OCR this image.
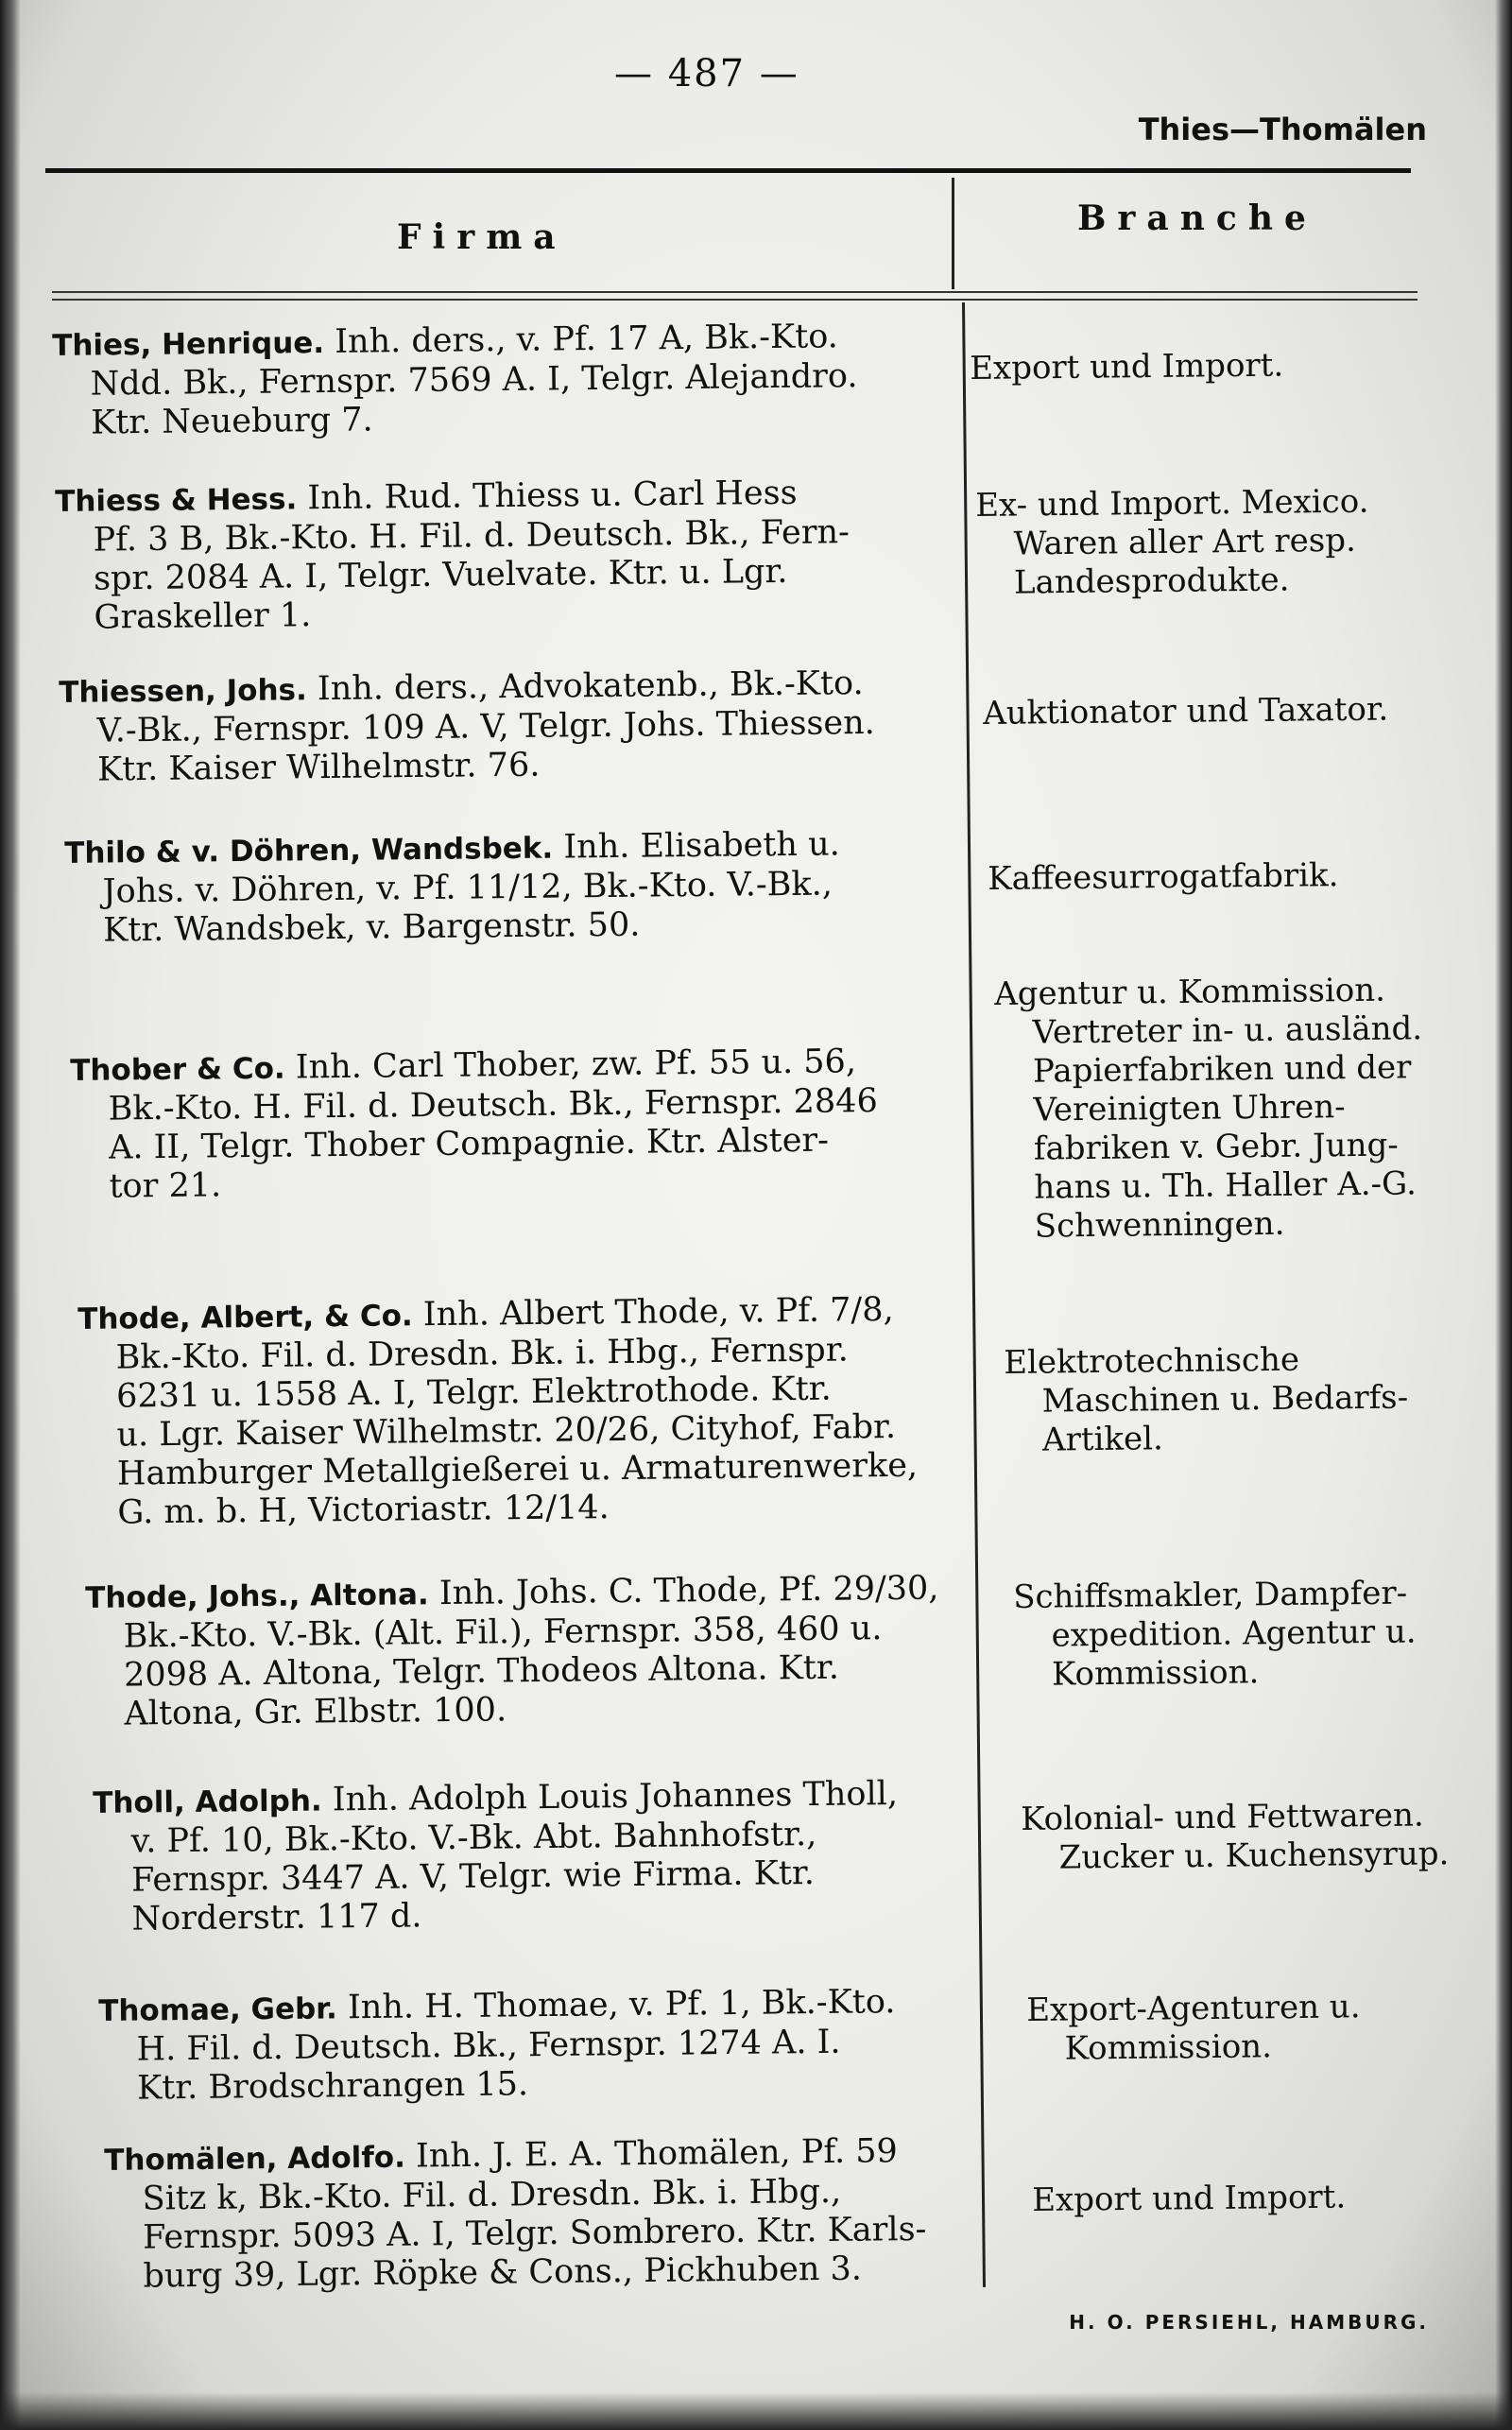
— 487 —
Thies—Thomälen
Firma	Branche
Thies, Henrique. Inh. ders., v. Pf. 17 A, Bk.-Kto.
Ndd. Bk., Fernspr. 7569 A. I, Telgr. Alejandro.
Ktr. Neueburg 7.
Export und Import.
Thiess & Hess. Inh. Rud. Thiess u. Carl Hess
Pf. 3 B, Bk.-Kto. H. Fil. d. Deutsch. Bk., Fern-
spr. 2084 A. I, Telgr. Vuelvate. Ktr. u. Lgr.
Graskeller 1.
Ex- und Import. Mexico.
Waren aller Art resp.
Landesprodukte.
Thiessen, Johs. Inh. ders., Advokatenb., Bk.-Kto.
V.-Bk., Fernspr. 109 A. V, Telgr. Johs. Thiessen.
Ktr. Kaiser Wilhelmstr. 76.
Auktionator und Taxator.
Thilo & v. Döhren, Wandsbek. Inh. Elisabeth u.
Johs. v. Döhren, v. Pf. 11/12, Bk.-Kto. V.-Bk.,
Ktr. Wandsbek, v. Bargenstr. 50.
Kaffeesurrogatfabrik.
Thober & Co. Inh. Carl Thober, zw. Pf. 55 u. 56,
Bk.-Kto. H. Fil. d. Deutsch. Bk., Fernspr. 2846
A. II, Telgr. Thober Compagnie. Ktr. Alster-
tor 21.
Agentur u. Kommission.
Vertreter in- u. ausländ.
Papierfabriken und der
Vereinigten Uhren-
fabriken v. Gebr. Jung-
hans u. Th. Haller A.-G.
Schwenningen.
Thode, Albert, & Co. Inh. Albert Thode, v. Pf. 7/8,
Bk.-Kto. Fil. d. Dresdn. Bk. i. Hbg., Fernspr.
6231 u. 1558 A. I, Telgr. Elektrothode. Ktr.
u. Lgr. Kaiser Wilhelmstr. 20/26, Cityhof, Fabr.
Hamburger Metallgießerei u. Armaturenwerke,
G. m. b. H, Victoriastr. 12/14.
Elektrotechnische
Maschinen u. Bedarfs-
Artikel.
Thode, Johs., Altona. Inh. Johs. C. Thode, Pf. 29/30,
Bk.-Kto. V.-Bk. (Alt. Fil.), Fernspr. 358, 460 u.
2098 A. Altona, Telgr. Thodeos Altona. Ktr.
Altona, Gr. Elbstr. 100.
Schiffsmakler, Dampfer-
expedition. Agentur u.
Kommission.
Tholl, Adolph. Inh. Adolph Louis Johannes Tholl,
v. Pf. 10, Bk.-Kto. V.-Bk. Abt. Bahnhofstr.,
Fernspr. 3447 A. V, Telgr. wie Firma. Ktr.
Norderstr. 117 d.
Kolonial- und Fettwaren.
Zucker u. Kuchensyrup.
Thomae, Gebr. Inh. H. Thomae, v. Pf. 1, Bk.-Kto.
H. Fil. d. Deutsch. Bk., Fernspr. 1274 A. I.
Ktr. Brodschrangen 15.
Export-Agenturen u.
Kommission.
Thomälen, Adolfo. Inh. J. E. A. Thomälen, Pf. 59
Sitz k, Bk.-Kto. Fil. d. Dresdn. Bk. i. Hbg.,
Fernspr. 5093 A. I, Telgr. Sombrero. Ktr. Karls-
burg 39, Lgr. Röpke & Cons., Pickhuben 3.
Export und Import.
H. O. PERSIEHL, HAMBURG.
